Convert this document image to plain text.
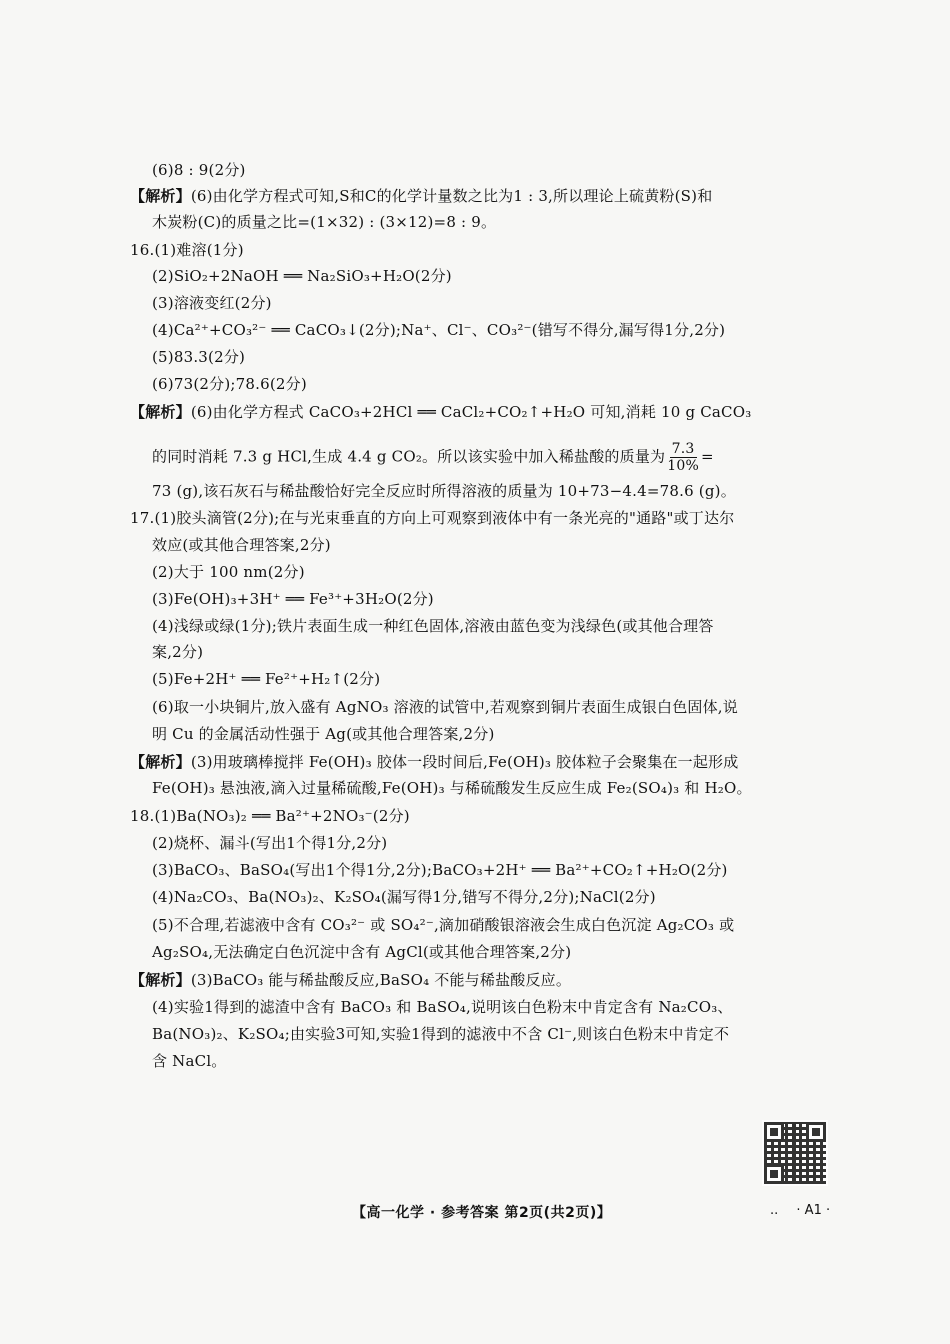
(6)8 : 9(2分)
【解析】(6)由化学方程式可知,S和C的化学计量数之比为1 : 3,所以理论上硫黄粉(S)和
木炭粉(C)的质量之比=(1×32) : (3×12)=8 : 9。
16.(1)难溶(1分)
(2)SiO₂+2NaOH ══ Na₂SiO₃+H₂O(2分)
(3)溶液变红(2分)
(4)Ca²⁺+CO₃²⁻ ══ CaCO₃↓(2分);Na⁺、Cl⁻、CO₃²⁻(错写不得分,漏写得1分,2分)
(5)83.3(2分)
(6)73(2分);78.6(2分)
【解析】(6)由化学方程式 CaCO₃+2HCl ══ CaCl₂+CO₂↑+H₂O 可知,消耗 10 g CaCO₃
的同时消耗 7.3 g HCl,生成 4.4 g CO₂。所以该实验中加入稀盐酸的质量为 $\frac{7.3}{10\%}$ =
73 (g),该石灰石与稀盐酸恰好完全反应时所得溶液的质量为 10+73−4.4=78.6 (g)。
17.(1)胶头滴管(2分);在与光束垂直的方向上可观察到液体中有一条光亮的"通路"或丁达尔
效应(或其他合理答案,2分)
(2)大于 100 nm(2分)
(3)Fe(OH)₃+3H⁺ ══ Fe³⁺+3H₂O(2分)
(4)浅绿或绿(1分);铁片表面生成一种红色固体,溶液由蓝色变为浅绿色(或其他合理答
案,2分)
(5)Fe+2H⁺ ══ Fe²⁺+H₂↑(2分)
(6)取一小块铜片,放入盛有 AgNO₃ 溶液的试管中,若观察到铜片表面生成银白色固体,说
明 Cu 的金属活动性强于 Ag(或其他合理答案,2分)
【解析】(3)用玻璃棒搅拌 Fe(OH)₃ 胶体一段时间后,Fe(OH)₃ 胶体粒子会聚集在一起形成
Fe(OH)₃ 悬浊液,滴入过量稀硫酸,Fe(OH)₃ 与稀硫酸发生反应生成 Fe₂(SO₄)₃ 和 H₂O。
18.(1)Ba(NO₃)₂ ══ Ba²⁺+2NO₃⁻(2分)
(2)烧杯、漏斗(写出1个得1分,2分)
(3)BaCO₃、BaSO₄(写出1个得1分,2分);BaCO₃+2H⁺ ══ Ba²⁺+CO₂↑+H₂O(2分)
(4)Na₂CO₃、Ba(NO₃)₂、K₂SO₄(漏写得1分,错写不得分,2分);NaCl(2分)
(5)不合理,若滤液中含有 CO₃²⁻ 或 SO₄²⁻,滴加硝酸银溶液会生成白色沉淀 Ag₂CO₃ 或
Ag₂SO₄,无法确定白色沉淀中含有 AgCl(或其他合理答案,2分)
【解析】(3)BaCO₃ 能与稀盐酸反应,BaSO₄ 不能与稀盐酸反应。
(4)实验1得到的滤渣中含有 BaCO₃ 和 BaSO₄,说明该白色粉末中肯定含有 Na₂CO₃、
Ba(NO₃)₂、K₂SO₄;由实验3可知,实验1得到的滤液中不含 Cl⁻,则该白色粉末中肯定不
含 NaCl。
【高一化学 · 参考答案 第2页(共2页)】	.. · A1 ·
